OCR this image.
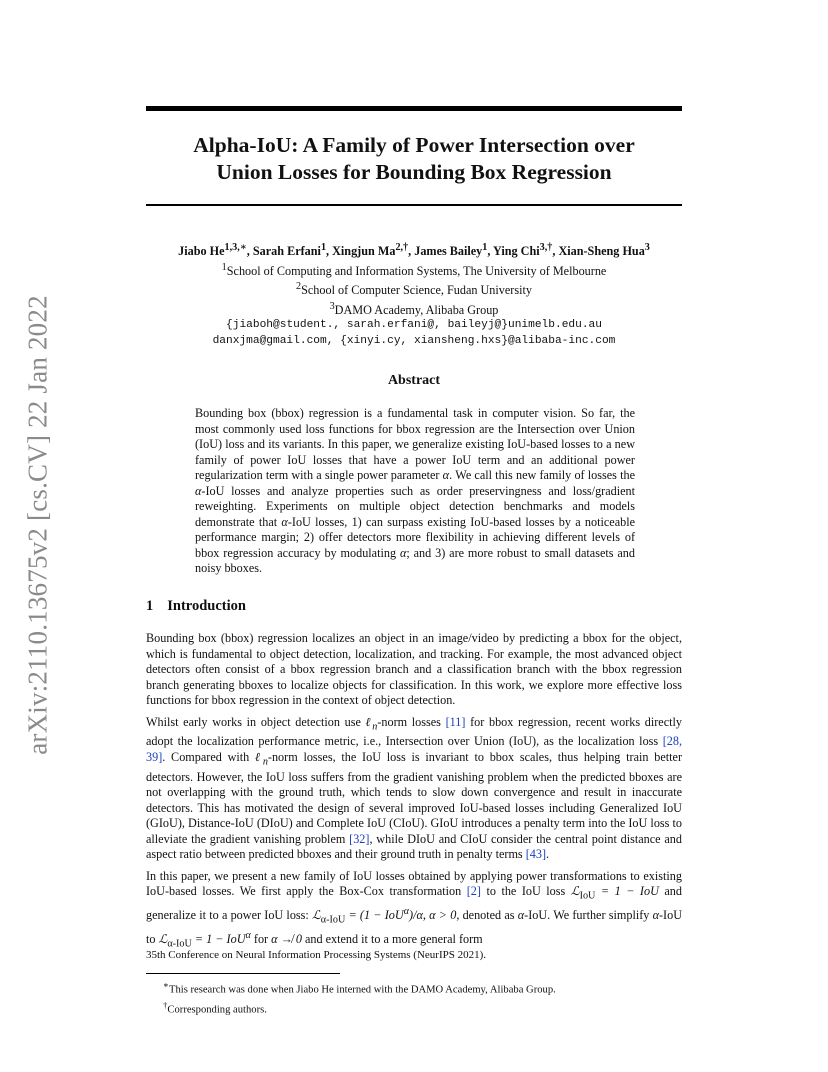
arXiv:2110.13675v2 [cs.CV] 22 Jan 2022
Alpha-IoU: A Family of Power Intersection over
Union Losses for Bounding Box Regression
Jiabo $He^{1,3,∗}$, Sarah Erfani$^1$, Xingjun $Ma^{2,\dagger}$, James Bailey$^1$, Ying Chi$^{3,\dagger}$, Xian-Sheng Hua$^3$
$^1$School of Computing and Information Systems, The University of Melbourne
$^2$School of Computer Science, Fudan University
$^3$DAMO Academy, Alibaba Group
{jiaboh@student., sarah.erfani@, baileyj@}unimelb.edu.au
danxjma@gmail.com, {xinyi.cy, xiansheng.hxs}@alibaba-inc.com
Abstract
Bounding box (bbox) regression is a fundamental task in computer vision. So far, the most commonly used loss functions for bbox regression are the Intersection over Union (IoU) loss and its variants. In this paper, we generalize existing IoU-based losses to a new family of power IoU losses that have a power IoU term and an additional power regularization term with a single power parameter α. We call this new family of losses the α-IoU losses and analyze properties such as order preservingness and loss/gradient reweighting. Experiments on multiple object detection benchmarks and models demonstrate that α-IoU losses, 1) can surpass existing IoU-based losses by a noticeable performance margin; 2) offer detectors more flexibility in achieving different levels of bbox regression accuracy by modulating α; and 3) are more robust to small datasets and noisy bboxes.
1 Introduction

Bounding box (bbox) regression localizes an object in an image/video by predicting a bbox for the object, which is fundamental to object detection, localization, and tracking. For example, the most advanced object detectors often consist of a bbox regression branch and a classification branch with the bbox regression branch generating bboxes to localize objects for classification. In this work, we explore more effective loss functions for bbox regression in the context of object detection.

Whilst early works in object detection use ℓ$_n$-norm losses [11] for bbox regression, recent works directly adopt the localization performance metric, i.e., Intersection over Union (IoU), as the localization loss [28, 39]. Compared with ℓ$_n$-norm losses, the IoU loss is invariant to bbox scales, thus helping train better detectors. However, the IoU loss suffers from the gradient vanishing problem when the predicted bboxes are not overlapping with the ground truth, which tends to slow down convergence and result in inaccurate detectors. This has motivated the design of several improved IoU-based losses including Generalized IoU (GIoU), Distance-IoU (DIoU) and Complete IoU (CIoU). GIoU introduces a penalty term into the IoU loss to alleviate the gradient vanishing problem [32], while DIoU and CIoU consider the central point distance and aspect ratio between predicted bboxes and their ground truth in penalty terms [43].

In this paper, we present a new family of IoU losses obtained by applying power transformations to existing IoU-based losses. We first apply the Box-Cox transformation [2] to the IoU loss ℒ$_{IoU}$ = 1 − IoU and generalize it to a power IoU loss: ℒ$_{\alpha-IoU}$ = (1 − IoU$^\alpha$)/α, α > 0, denoted as α-IoU. We further simplify α-IoU to ℒ$_{\alpha-IoU}$ = 1 − IoU$^\alpha$ for α ↛ 0 and extend it to a more general form

35th Conference on Neural Information Processing Systems (NeurIPS 2021).
∗This research was done when Jiabo He interned with the DAMO Academy, Alibaba Group.
†Corresponding authors.
